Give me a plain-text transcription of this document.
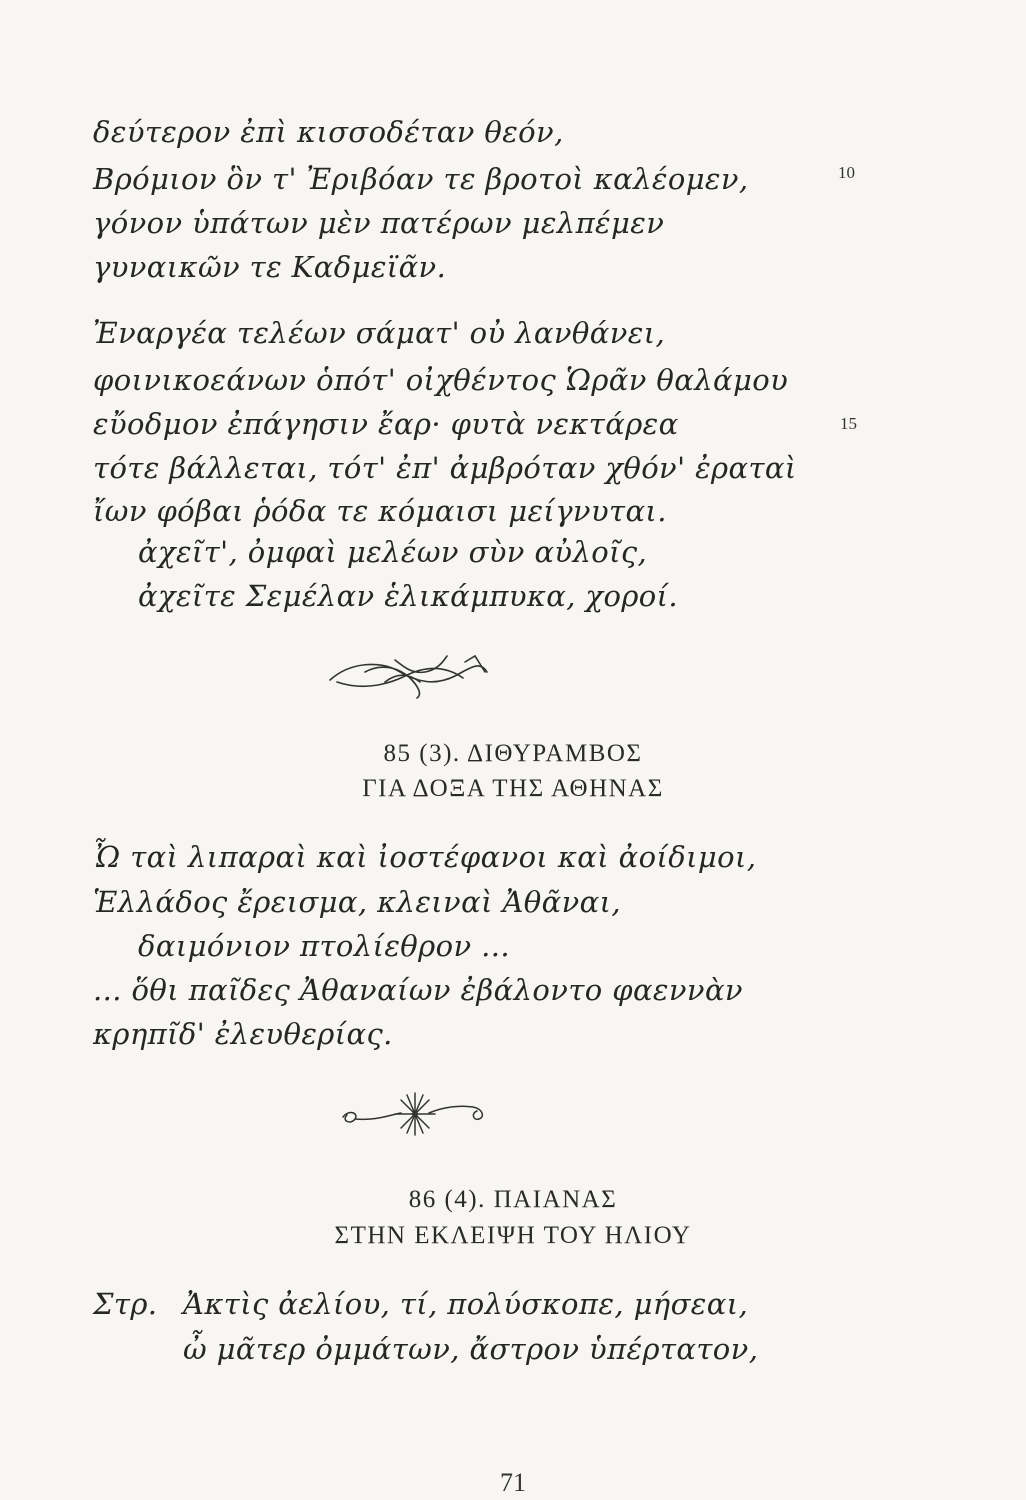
δεύτερον ἐπὶ κισσοδέταν θεόν,
Βρόμιον ὃν τ' Ἐριβόαν τε βροτοὶ καλέομεν,
γόνον ὑπάτων μὲν πατέρων μελπέμεν
γυναικῶν τε Καδμεϊᾶν.
10
Ἐναργέα τελέων σάματ' οὐ λανθάνει,
φοινικοεάνων ὁπότ' οἰχθέντος Ὡρᾶν θαλάμου
εὔοδμον ἐπάγησιν ἔαρ· φυτὰ νεκτάρεα
τότε βάλλεται, τότ' ἐπ' ἀμβρόταν χθόν' ἐραταὶ
ἴων φόβαι ῥόδα τε κόμαισι μείγνυται.
ἀχεῖτ', ὀμφαὶ μελέων σὺν αὐλοῖς,
ἀχεῖτε Σεμέλαν ἑλικάμπυκα, χοροί.
15
85 (3). ΔΙΘΥΡΑΜΒΟΣ
ΓΙΑ ΔΟΞΑ ΤΗΣ ΑΘΗΝΑΣ
Ὦ ταὶ λιπαραὶ καὶ ἰοστέφανοι καὶ ἀοίδιμοι,
Ἑλλάδος ἔρεισμα, κλειναὶ Ἀθᾶναι,
δαιμόνιον πτολίεθρον ...
... ὅθι παῖδες Ἀθαναίων ἐβάλοντο φαεννὰν
κρηπῖδ' ἐλευθερίας.
86 (4). ΠΑΙΑΝΑΣ
ΣΤΗΝ ΕΚΛΕΙΨΗ ΤΟΥ ΗΛΙΟΥ
Στρ. Ἀκτὶς ἀελίου, τί, πολύσκοπε, μήσεαι,
ὦ μᾶτερ ὀμμάτων, ἄστρον ὑπέρτατον,
71
